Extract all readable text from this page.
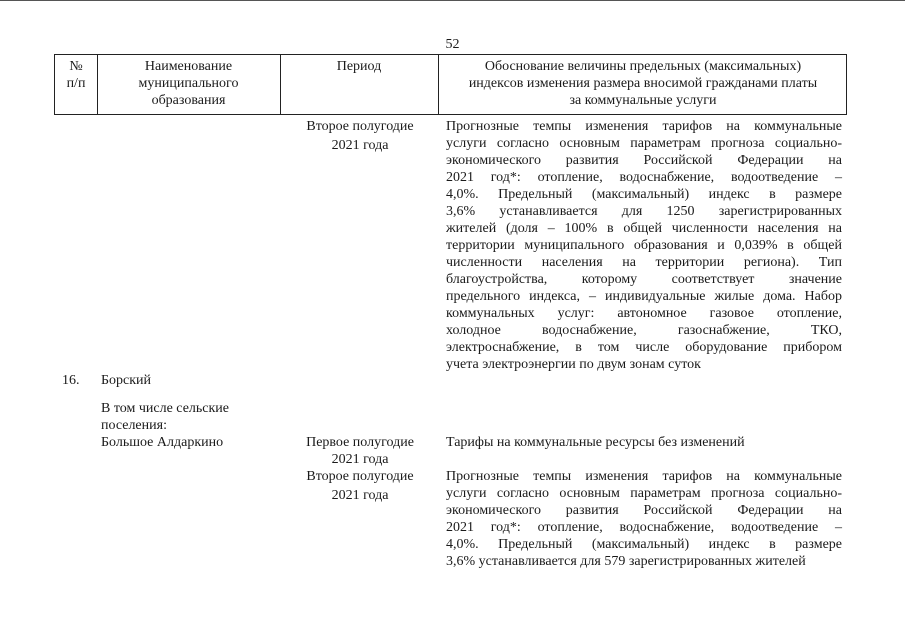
52
№
п/п
Наименование
муниципального
образования
Период	Обоснование величины предельных (максимальных)
индексов изменения размера вносимой гражданами платы
за коммунальные услуги
Второе полугодие
2021 года
Прогнозные темпы изменения тарифов на коммунальные
услуги согласно основным параметрам прогноза социально-
экономического развития Российской Федерации на
2021 год*: отопление, водоснабжение, водоотведение –
4,0%. Предельный (максимальный) индекс в размере
3,6% устанавливается для 1250 зарегистрированных
жителей (доля – 100% в общей численности населения на
территории муниципального образования и 0,039% в общей
численности населения на территории региона). Тип
благоустройства, которому соответствует значение
предельного индекса, – индивидуальные жилые дома. Набор
коммунальных услуг: автономное газовое отопление,
холодное водоснабжение, газоснабжение, ТКО,
электроснабжение, в том числе оборудование прибором
учета электроэнергии по двум зонам суток
16. Борский
В том числе сельские
поселения:
Большое Алдаркино	Первое полугодие
2021 года
Тарифы на коммунальные ресурсы без изменений
Второе полугодие
2021 года
Прогнозные темпы изменения тарифов на коммунальные
услуги согласно основным параметрам прогноза социально-
экономического развития Российской Федерации на
2021 год*: отопление, водоснабжение, водоотведение –
4,0%. Предельный (максимальный) индекс в размере
3,6% устанавливается для 579 зарегистрированных жителей
